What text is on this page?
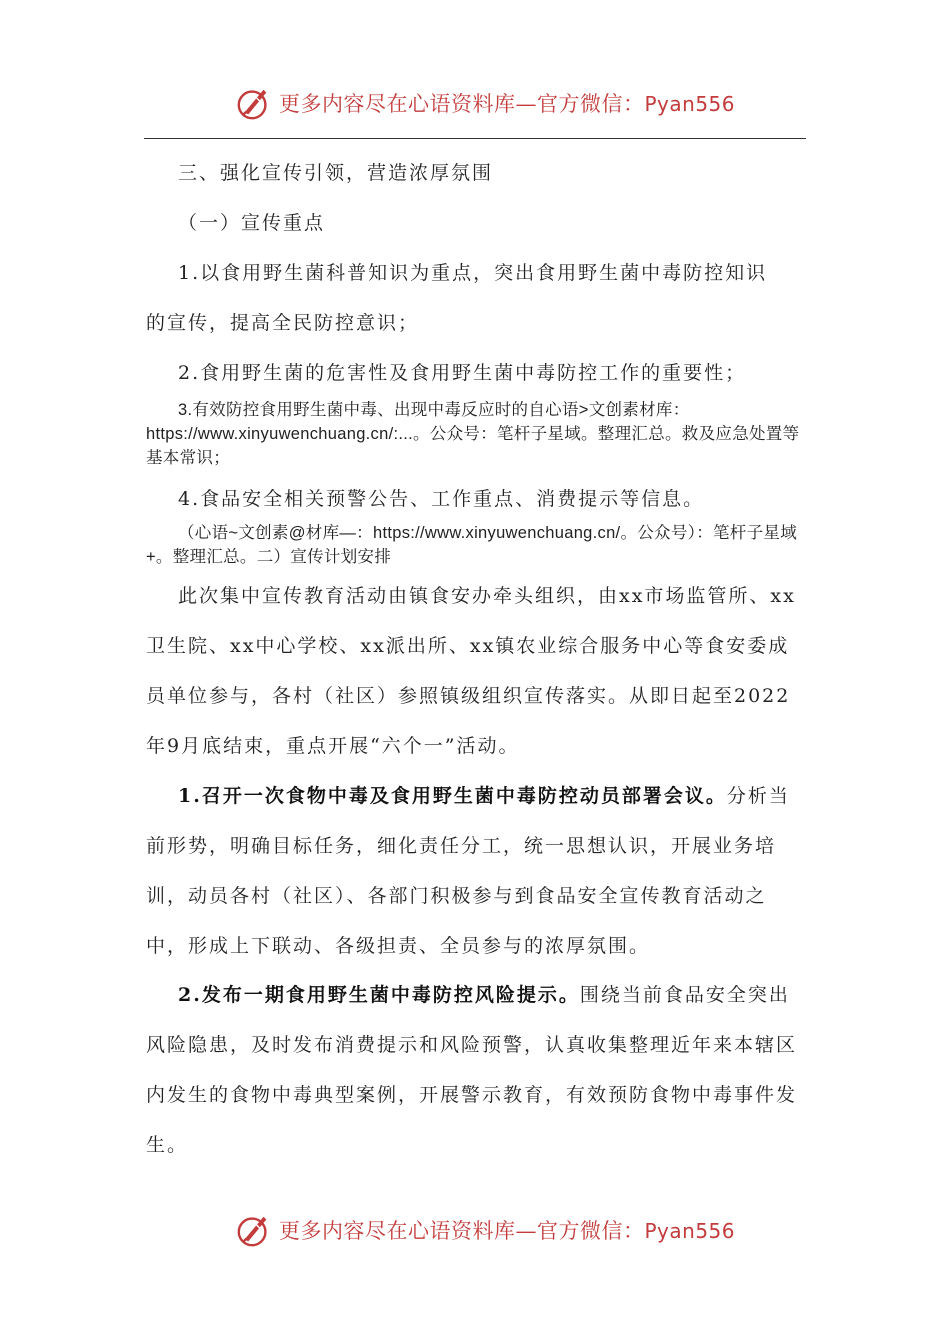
更多内容尽在心语资料库—官方微信：Pyan556
三、强化宣传引领，营造浓厚氛围
（一）宣传重点
1.以食用野生菌科普知识为重点，突出食用野生菌中毒防控知识
的宣传，提高全民防控意识；
2.食用野生菌的危害性及食用野生菌中毒防控工作的重要性；
3.有效防控食用野生菌中毒、出现中毒反应时的自心语>文创素材库：https://www.xinyuwenchuang.cn/:...。公众号：笔杆子星域。整理汇总。救及应急处置等基本常识；
4.食品安全相关预警公告、工作重点、消费提示等信息。
（心语~文创素@材库—：https://www.xinyuwenchuang.cn/。公众号）：笔杆子星域+。整理汇总。二）宣传计划安排
此次集中宣传教育活动由镇食安办牵头组织，由xx市场监管所、xx卫生院、xx中心学校、xx派出所、xx镇农业综合服务中心等食安委成员单位参与，各村（社区）参照镇级组织宣传落实。从即日起至2022年9月底结束，重点开展“六个一”活动。
1.召开一次食物中毒及食用野生菌中毒防控动员部署会议。分析当前形势，明确目标任务，细化责任分工，统一思想认识，开展业务培训，动员各村（社区）、各部门积极参与到食品安全宣传教育活动之中，形成上下联动、各级担责、全员参与的浓厚氛围。
2.发布一期食用野生菌中毒防控风险提示。围绕当前食品安全突出风险隐患，及时发布消费提示和风险预警，认真收集整理近年来本辖区内发生的食物中毒典型案例，开展警示教育，有效预防食物中毒事件发生。
更多内容尽在心语资料库—官方微信：Pyan556
